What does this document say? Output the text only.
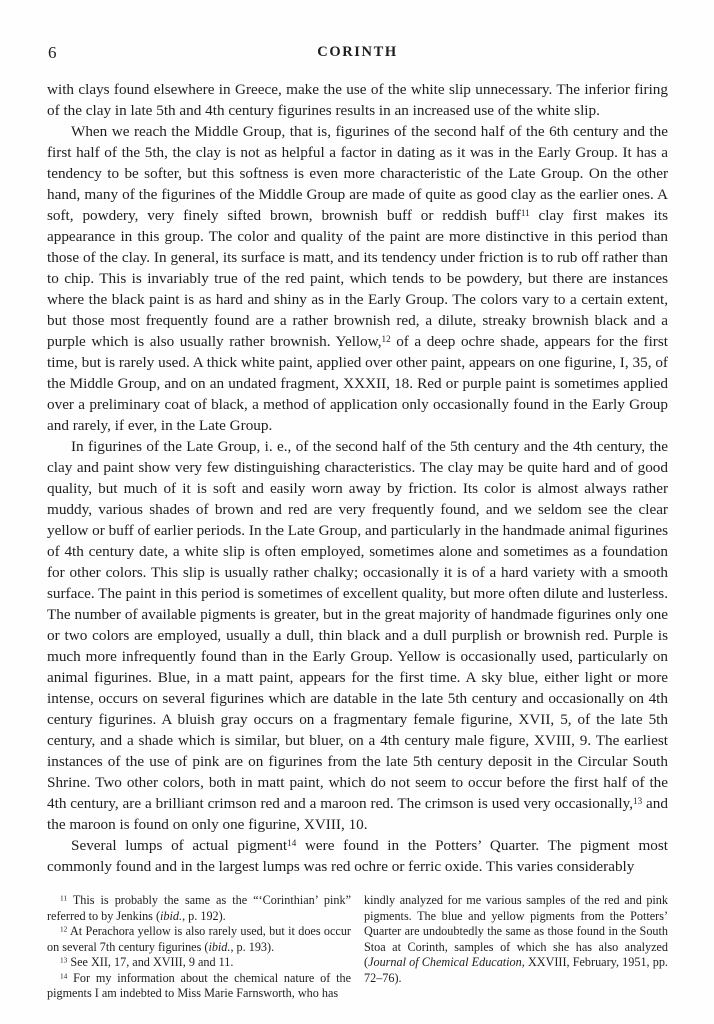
6	CORINTH

with clays found elsewhere in Greece, make the use of the white slip unnecessary. The inferior firing of the clay in late 5th and 4th century figurines results in an increased use of the white slip.

When we reach the Middle Group, that is, figurines of the second half of the 6th century and the first half of the 5th, the clay is not as helpful a factor in dating as it was in the Early Group. It has a tendency to be softer, but this softness is even more characteristic of the Late Group. On the other hand, many of the figurines of the Middle Group are made of quite as good clay as the earlier ones. A soft, powdery, very finely sifted brown, brownish buff or reddish buff$^{11}$ clay first makes its appearance in this group. The color and quality of the paint are more distinctive in this period than those of the clay. In general, its surface is matt, and its tendency under friction is to rub off rather than to chip. This is invariably true of the red paint, which tends to be powdery, but there are instances where the black paint is as hard and shiny as in the Early Group. The colors vary to a certain extent, but those most frequently found are a rather brownish red, a dilute, streaky brownish black and a purple which is also usually rather brownish. Yellow,$^{12}$ of a deep ochre shade, appears for the first time, but is rarely used. A thick white paint, applied over other paint, appears on one figurine, I, 35, of the Middle Group, and on an undated fragment, XXXII, 18. Red or purple paint is sometimes applied over a preliminary coat of black, a method of application only occasionally found in the Early Group and rarely, if ever, in the Late Group.

In figurines of the Late Group, i. e., of the second half of the 5th century and the 4th century, the clay and paint show very few distinguishing characteristics. The clay may be quite hard and of good quality, but much of it is soft and easily worn away by friction. Its color is almost always rather muddy, various shades of brown and red are very frequently found, and we seldom see the clear yellow or buff of earlier periods. In the Late Group, and particularly in the handmade animal figurines of 4th century date, a white slip is often employed, sometimes alone and sometimes as a foundation for other colors. This slip is usually rather chalky; occasionally it is of a hard variety with a smooth surface. The paint in this period is sometimes of excellent quality, but more often dilute and lusterless. The number of available pigments is greater, but in the great majority of handmade figurines only one or two colors are employed, usually a dull, thin black and a dull purplish or brownish red. Purple is much more infrequently found than in the Early Group. Yellow is occasionally used, particularly on animal figurines. Blue, in a matt paint, appears for the first time. A sky blue, either light or more intense, occurs on several figurines which are datable in the late 5th century and occasionally on 4th century figurines. A bluish gray occurs on a fragmentary female figurine, XVII, 5, of the late 5th century, and a shade which is similar, but bluer, on a 4th century male figure, XVIII, 9. The earliest instances of the use of pink are on figurines from the late 5th century deposit in the Circular South Shrine. Two other colors, both in matt paint, which do not seem to occur before the first half of the 4th century, are a brilliant crimson red and a maroon red. The crimson is used very occasionally,$^{13}$ and the maroon is found on only one figurine, XVIII, 10.

Several lumps of actual pigment$^{14}$ were found in the Potters’ Quarter. The pigment most commonly found and in the largest lumps was red ochre or ferric oxide. This varies considerably

$^{11}$ This is probably the same as the “‘Corinthian’ pink” referred to by Jenkins (ibid., p. 192).

$^{12}$ At Perachora yellow is also rarely used, but it does occur on several 7th century figurines (ibid., p. 193).

$^{13}$ See XII, 17, and XVIII, 9 and 11.

$^{14}$ For my information about the chemical nature of the pigments I am indebted to Miss Marie Farnsworth, who has

kindly analyzed for me various samples of the red and pink pigments. The blue and yellow pigments from the Potters’ Quarter are undoubtedly the same as those found in the South Stoa at Corinth, samples of which she has also analyzed (Journal of Chemical Education, XXVIII, February, 1951, pp. 72–76).
